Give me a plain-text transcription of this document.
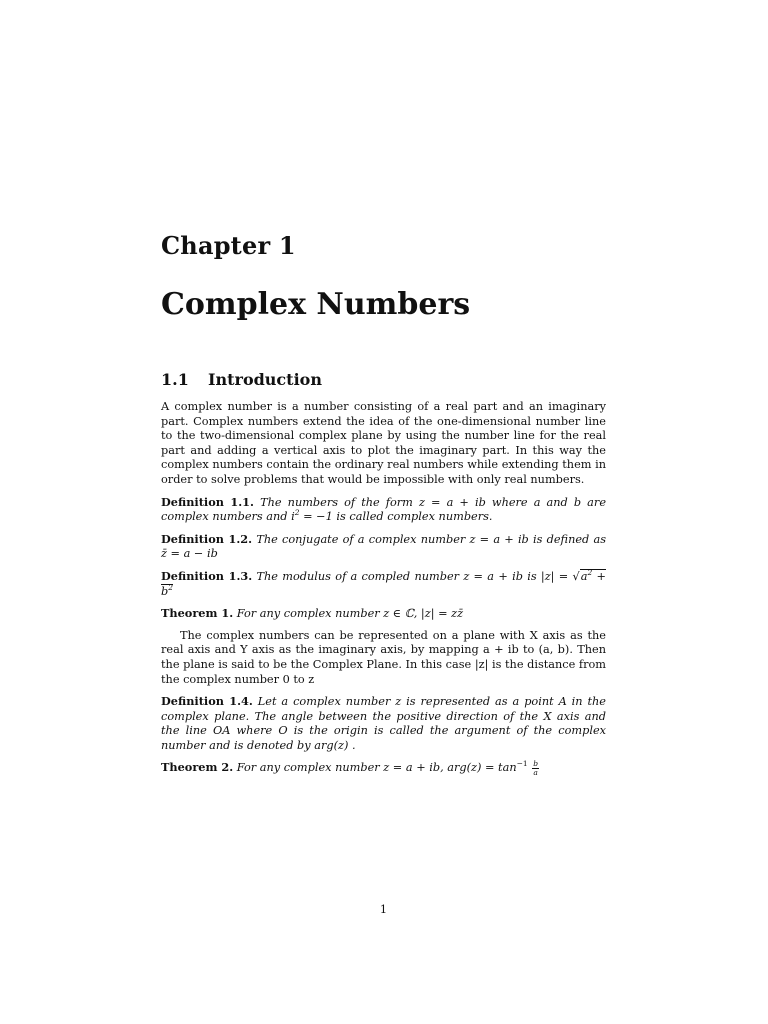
Chapter 1
Complex Numbers
1.1 Introduction

A complex number is a number consisting of a real part and an imaginary part. Complex numbers extend the idea of the one-dimensional number line to the two-dimensional complex plane by using the number line for the real part and adding a vertical axis to plot the imaginary part. In this way the complex numbers contain the ordinary real numbers while extending them in order to solve problems that would be impossible with only real numbers.

Definition 1.1. The numbers of the form z = a + ib where a and b are complex numbers and $i^2 = -1$ is called complex numbers.

Definition 1.2. The conjugate of a complex number z = a + ib is defined as z̄ = a − ib

Definition 1.3. The modulus of a compled number z = a + ib is $|z| = √a^2 + b^2$

Theorem 1. For any complex number z ∈ ℂ, |z| = zz̄

The complex numbers can be represented on a plane with X axis as the real axis and Y axis as the imaginary axis, by mapping a + ib to (a, b). Then the plane is said to be the Complex Plane. In this case |z| is the distance from the complex number 0 to z

Definition 1.4. Let a complex number z is represented as a point A in the complex plane. The angle between the positive direction of the X axis and the line OA where O is the origin is called the argument of the complex number and is denoted by arg(z) .

Theorem 2. For any complex number z = a + ib, $arg(z) = \tan^{-1} \frac{b}{a}$

1
